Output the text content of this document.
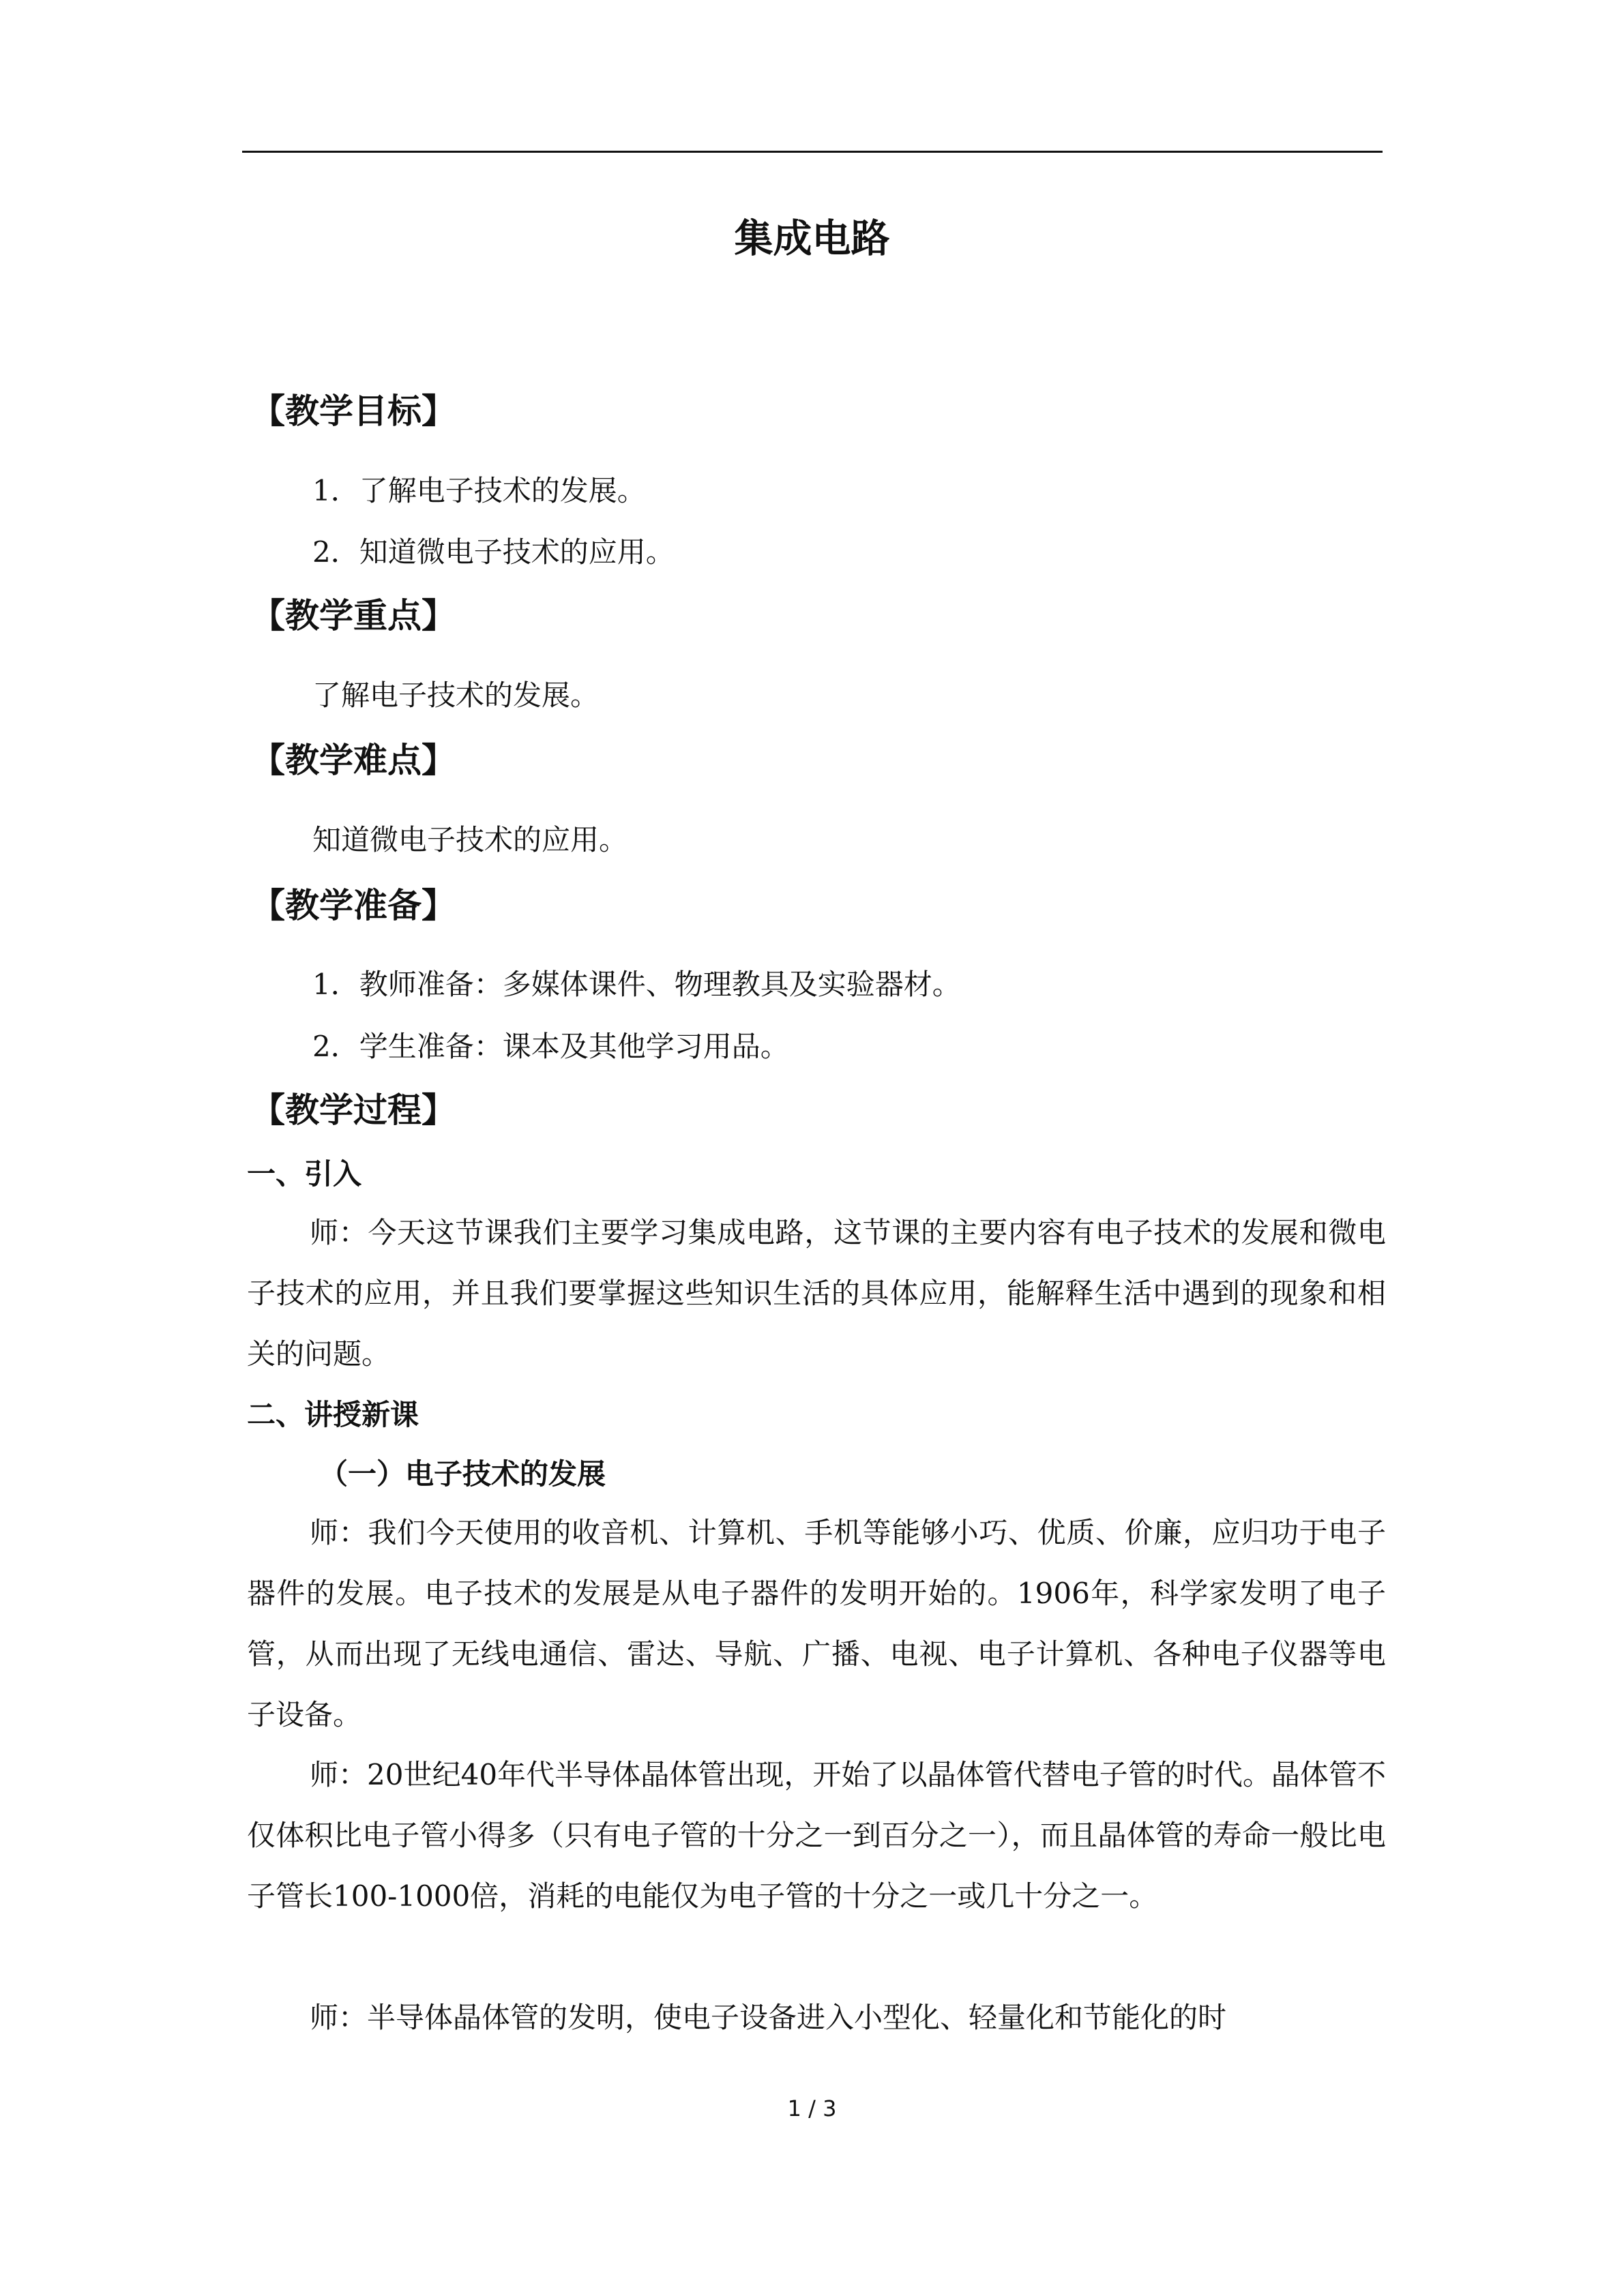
集成电路
【教学目标】
1．了解电子技术的发展。
2．知道微电子技术的应用。
【教学重点】
了解电子技术的发展。
【教学难点】
知道微电子技术的应用。
【教学准备】
1．教师准备：多媒体课件、物理教具及实验器材。
2．学生准备：课本及其他学习用品。
【教学过程】
一、引入

师：今天这节课我们主要学习集成电路，这节课的主要内容有电子技术的发展和微电子技术的应用，并且我们要掌握这些知识生活的具体应用，能解释生活中遇到的现象和相关的问题。

二、讲授新课
（一）电子技术的发展

师：我们今天使用的收音机、计算机、手机等能够小巧、优质、价廉，应归功于电子器件的发展。电子技术的发展是从电子器件的发明开始的。1906年，科学家发明了电子管，从而出现了无线电通信、雷达、导航、广播、电视、电子计算机、各种电子仪器等电子设备。

师：20世纪40年代半导体晶体管出现，开始了以晶体管代替电子管的时代。晶体管不仅体积比电子管小得多（只有电子管的十分之一到百分之一），而且晶体管的寿命一般比电子管长100-1000倍，消耗的电能仅为电子管的十分之一或几十分之一。

师：半导体晶体管的发明，使电子设备进入小型化、轻量化和节能化的时

1 / 3
